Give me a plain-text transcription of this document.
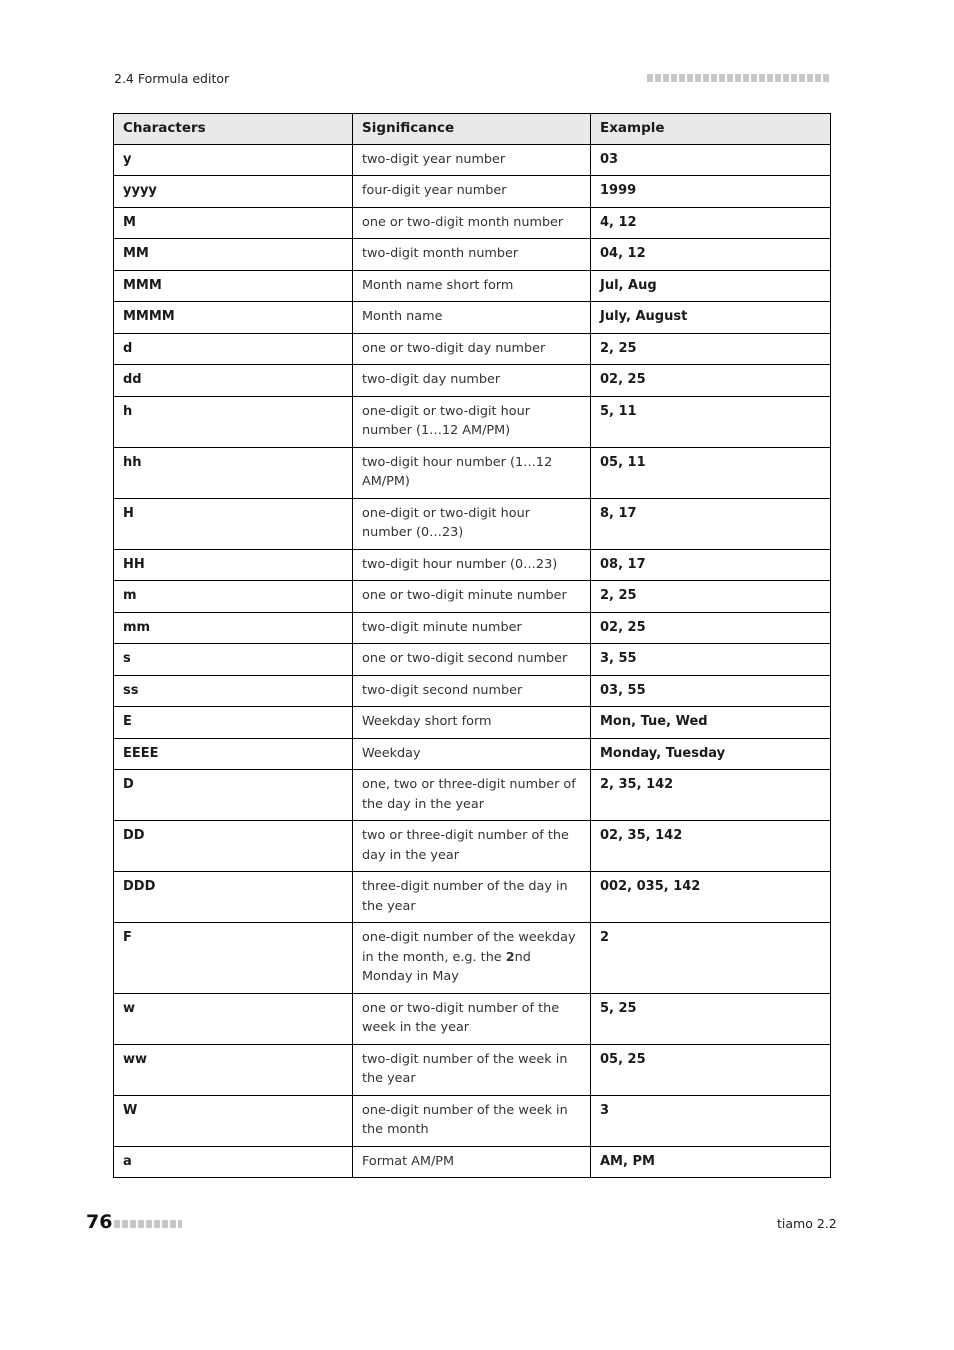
2.4 Formula editor
Characters	Significance	Example
y	two-digit year number	03
yyyy	four-digit year number	1999
M	one or two-digit month number	4, 12
MM	two-digit month number	04, 12
MMM	Month name short form	Jul, Aug
MMMM	Month name	July, August
d	one or two-digit day number	2, 25
dd	two-digit day number	02, 25
h	one-digit or two-digit hour number (1…12 AM/PM)	5, 11
hh	two-digit hour number (1…12 AM/PM)	05, 11
H	one-digit or two-digit hour number (0…23)	8, 17
HH	two-digit hour number (0…23)	08, 17
m	one or two-digit minute number	2, 25
mm	two-digit minute number	02, 25
s	one or two-digit second number	3, 55
ss	two-digit second number	03, 55
E	Weekday short form	Mon, Tue, Wed
EEEE	Weekday	Monday, Tuesday
D	one, two or three-digit number of the day in the year	2, 35, 142
DD	two or three-digit number of the day in the year	02, 35, 142
DDD	three-digit number of the day in the year	002, 035, 142
F	one-digit number of the weekday in the month, e.g. the 2nd Monday in May	2
w	one or two-digit number of the week in the year	5, 25
ww	two-digit number of the week in the year	05, 25
W	one-digit number of the week in the month	3
a	Format AM/PM	AM, PM
76	tiamo 2.2
